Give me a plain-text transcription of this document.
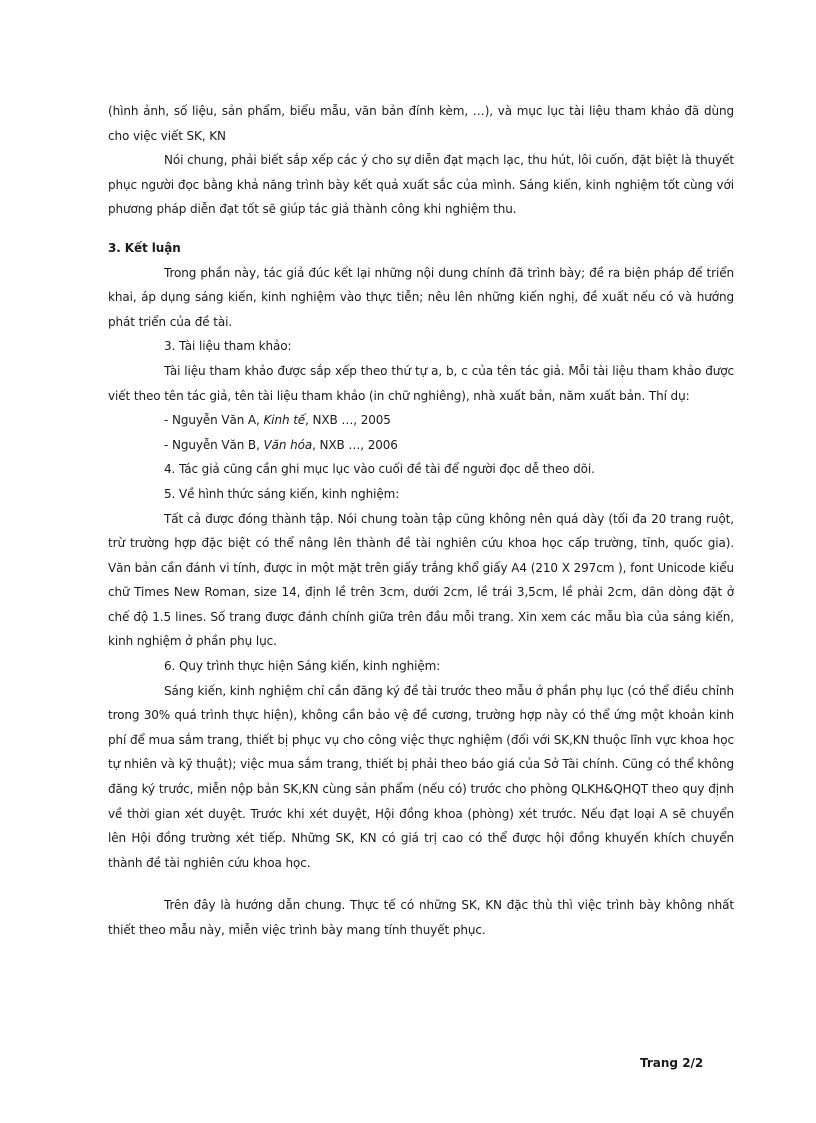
(hình ảnh, số liệu, sản phẩm, biểu mẫu, văn bản đính kèm, …), và mục lục tài liệu tham khảo đã dùng cho việc viết SK, KN

Nói chung, phải biết sắp xếp các ý cho sự diễn đạt mạch lạc, thu hút, lôi cuốn, đặt biệt là thuyết phục người đọc bằng khả năng trình bày kết quả xuất sắc của mình. Sáng kiến, kinh nghiệm tốt cùng với phương pháp diễn đạt tốt sẽ giúp tác giả thành công khi nghiệm thu.

3. Kết luận

Trong phần này, tác giả đúc kết lại những nội dung chính đã trình bày; đề ra biện pháp để triển khai, áp dụng sáng kiến, kinh nghiệm vào thực tiễn; nêu lên những kiến nghị, đề xuất nếu có và hướng phát triển của đề tài.

3. Tài liệu tham khảo:

Tài liệu tham khảo được sắp xếp theo thứ tự a, b, c của tên tác giả. Mỗi tài liệu tham khảo được viết theo tên tác giả, tên tài liệu tham khảo (in chữ nghiêng), nhà xuất bản, năm xuất bản. Thí dụ:

- Nguyễn Văn A, Kinh tế, NXB …, 2005

- Nguyễn Văn B, Văn hóa, NXB …, 2006

4. Tác giả cũng cần ghi mục lục vào cuối đề tài để người đọc dễ theo dõi.

5. Về hình thức sáng kiến, kinh nghiệm:

Tất cả được đóng thành tập. Nói chung toàn tập cũng không nên quá dày (tối đa 20 trang ruột, trừ trường hợp đặc biệt có thể nâng lên thành đề tài nghiên cứu khoa học cấp trường, tỉnh, quốc gia). Văn bản cần đánh vi tính, được in một mặt trên giấy trắng khổ giấy A4 (210 X 297cm ), font Unicode kiểu chữ Times New Roman, size 14, định lề trên 3cm, dưới 2cm, lề trái 3,5cm, lề phải 2cm, dãn dòng đặt ở chế độ 1.5 lines. Số trang được đánh chính giữa trên đầu mỗi trang. Xin xem các mẫu bìa của sáng kiến, kinh nghiệm ở phần phụ lục.

6. Quy trình thực hiện Sáng kiến, kinh nghiệm:

Sáng kiến, kinh nghiệm chỉ cần đăng ký đề tài trước theo mẫu ở phần phụ lục (có thể điều chỉnh trong 30% quá trình thực hiện), không cần bảo vệ đề cương, trường hợp này có thể ứng một khoản kinh phí để mua sắm trang, thiết bị phục vụ cho công việc thực nghiệm (đối với SK,KN thuộc lĩnh vực khoa học tự nhiên và kỹ thuật); việc mua sắm trang, thiết bị phải theo báo giá của Sở Tài chính. Cũng có thể không đăng ký trước, miễn nộp bản SK,KN cùng sản phẩm (nếu có) trước cho phòng QLKH&QHQT theo quy định về thời gian xét duyệt. Trước khi xét duyệt, Hội đồng khoa (phòng) xét trước. Nếu đạt loại A sẽ chuyển lên Hội đồng trường xét tiếp. Những SK, KN có giá trị cao có thể được hội đồng khuyến khích chuyển thành đề tài nghiên cứu khoa học.

Trên đây là hướng dẫn chung. Thực tế có những SK, KN đặc thù thì việc trình bày không nhất thiết theo mẫu này, miễn việc trình bày mang tính thuyết phục.

Trang 2/2
